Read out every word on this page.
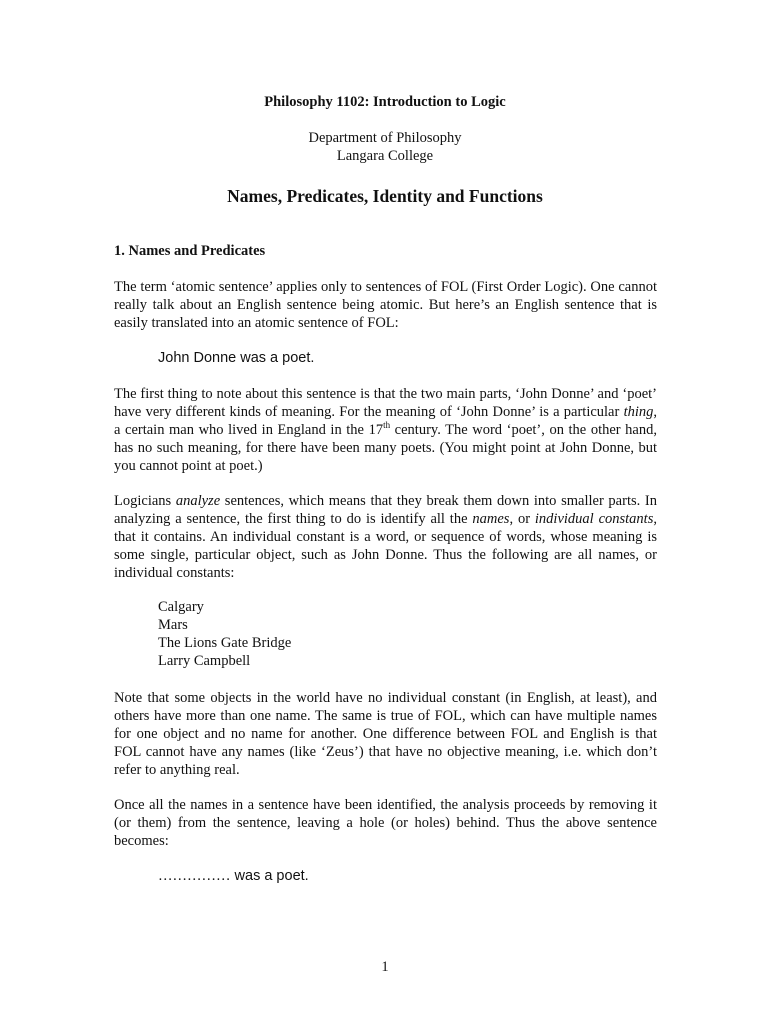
Philosophy 1102: Introduction to Logic
Department of Philosophy
Langara College
Names, Predicates, Identity and Functions
1. Names and Predicates

The term ‘atomic sentence’ applies only to sentences of FOL (First Order Logic). One cannot really talk about an English sentence being atomic. But here’s an English sentence that is easily translated into an atomic sentence of FOL:

John Donne was a poet.

The first thing to note about this sentence is that the two main parts, ‘John Donne’ and ‘poet’ have very different kinds of meaning. For the meaning of ‘John Donne’ is a particular thing, a certain man who lived in England in the 17th century. The word ‘poet’, on the other hand, has no such meaning, for there have been many poets. (You might point at John Donne, but you cannot point at poet.)

Logicians analyze sentences, which means that they break them down into smaller parts. In analyzing a sentence, the first thing to do is identify all the names, or individual constants, that it contains. An individual constant is a word, or sequence of words, whose meaning is some single, particular object, such as John Donne. Thus the following are all names, or individual constants:

Calgary
Mars
The Lions Gate Bridge
Larry Campbell

Note that some objects in the world have no individual constant (in English, at least), and others have more than one name. The same is true of FOL, which can have multiple names for one object and no name for another. One difference between FOL and English is that FOL cannot have any names (like ‘Zeus’) that have no objective meaning, i.e. which don’t refer to anything real.

Once all the names in a sentence have been identified, the analysis proceeds by removing it (or them) from the sentence, leaving a hole (or holes) behind. Thus the above sentence becomes:

…………… was a poet.
1
